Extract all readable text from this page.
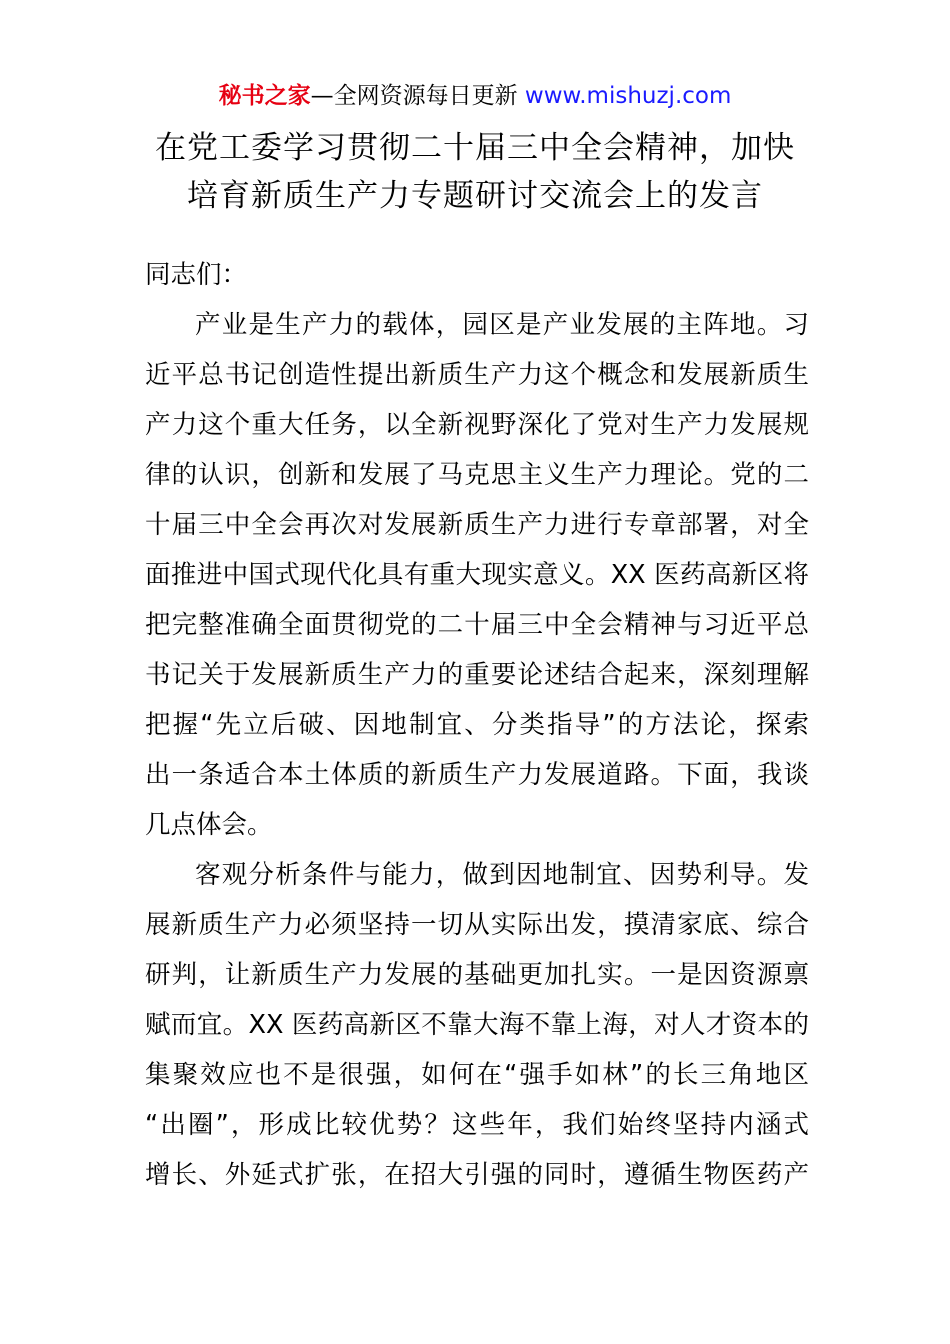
秘书之家—全网资源每日更新 www.mishuzj.com
在党工委学习贯彻二十届三中全会精神，加快
培育新质生产力专题研讨交流会上的发言
同志们：
产业是生产力的载体，园区是产业发展的主阵地。习
近平总书记创造性提出新质生产力这个概念和发展新质生
产力这个重大任务，以全新视野深化了党对生产力发展规
律的认识，创新和发展了马克思主义生产力理论。党的二
十届三中全会再次对发展新质生产力进行专章部署，对全
面推进中国式现代化具有重大现实意义。XX 医药高新区将
把完整准确全面贯彻党的二十届三中全会精神与习近平总
书记关于发展新质生产力的重要论述结合起来，深刻理解
把握“先立后破、因地制宜、分类指导”的方法论，探索
出一条适合本土体质的新质生产力发展道路。下面，我谈
几点体会。
客观分析条件与能力，做到因地制宜、因势利导。发
展新质生产力必须坚持一切从实际出发，摸清家底、综合
研判，让新质生产力发展的基础更加扎实。一是因资源禀
赋而宜。XX 医药高新区不靠大海不靠上海，对人才资本的
集聚效应也不是很强，如何在“强手如林”的长三角地区
“出圈”，形成比较优势？这些年，我们始终坚持内涵式
增长、外延式扩张，在招大引强的同时，遵循生物医药产
